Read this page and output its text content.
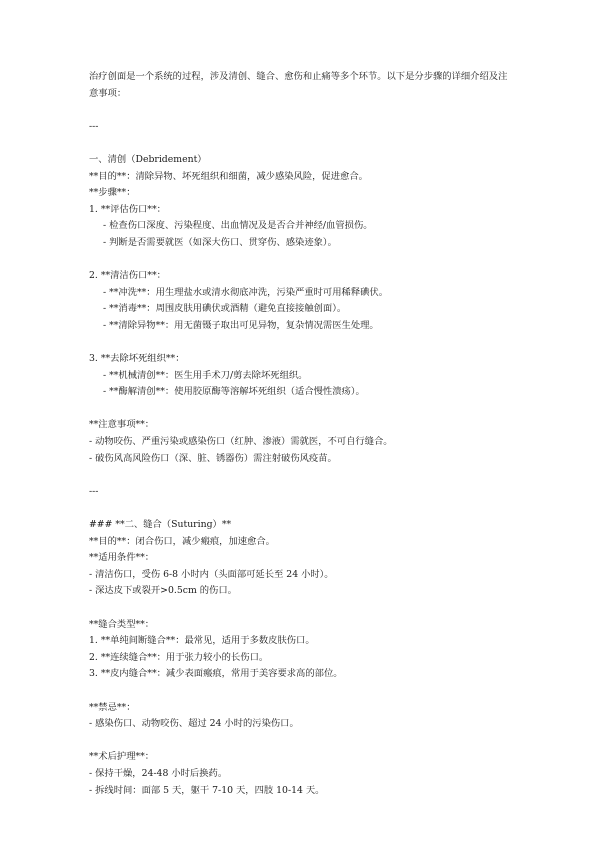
治疗创面是一个系统的过程，涉及清创、缝合、愈伤和止痛等多个环节。以下是分步骤的详细介绍及注意事项：
---
一、清创（Debridement）
**目的**：清除异物、坏死组织和细菌，减少感染风险，促进愈合。
**步骤**：
1. **评估伤口**：
- 检查伤口深度、污染程度、出血情况及是否合并神经/血管损伤。
- 判断是否需要就医（如深大伤口、贯穿伤、感染迹象）。
2. **清洁伤口**：
- **冲洗**：用生理盐水或清水彻底冲洗，污染严重时可用稀释碘伏。
- **消毒**：周围皮肤用碘伏或酒精（避免直接接触创面）。
- **清除异物**：用无菌镊子取出可见异物，复杂情况需医生处理。
3. **去除坏死组织**：
- **机械清创**：医生用手术刀/剪去除坏死组织。
- **酶解清创**：使用胶原酶等溶解坏死组织（适合慢性溃疡）。
**注意事项**：
- 动物咬伤、严重污染或感染伤口（红肿、渗液）需就医，不可自行缝合。
- 破伤风高风险伤口（深、脏、锈器伤）需注射破伤风疫苗。
---
### **二、缝合（Suturing）**
**目的**：闭合伤口，减少瘢痕，加速愈合。
**适用条件**：
- 清洁伤口，受伤 6-8 小时内（头面部可延长至 24 小时）。
- 深达皮下或裂开>0.5cm 的伤口。
**缝合类型**：
1. **单纯间断缝合**：最常见，适用于多数皮肤伤口。
2. **连续缝合**：用于张力较小的长伤口。
3. **皮内缝合**：减少表面瘢痕，常用于美容要求高的部位。
**禁忌**：
- 感染伤口、动物咬伤、超过 24 小时的污染伤口。
**术后护理**：
- 保持干燥，24-48 小时后换药。
- 拆线时间：面部 5 天，躯干 7-10 天，四肢 10-14 天。
